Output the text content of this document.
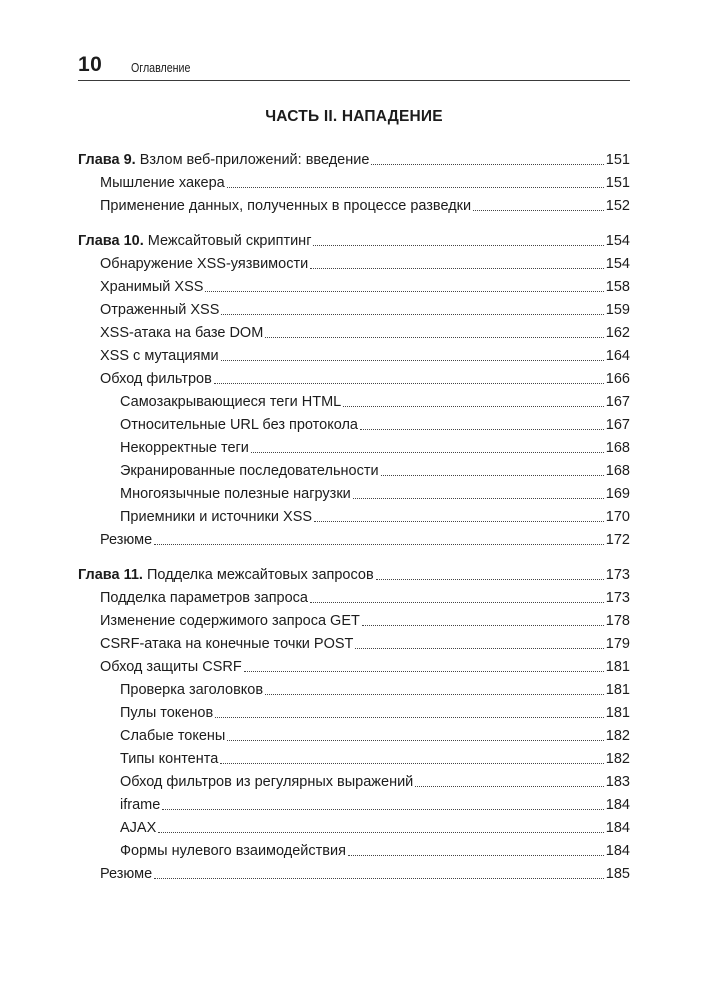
10 Оглавление
ЧАСТЬ II. НАПАДЕНИЕ
Глава 9. Взлом веб-приложений: введение	151
Мышление хакера	151
Применение данных, полученных в процессе разведки	152
Глава 10. Межсайтовый скриптинг	154
Обнаружение XSS-уязвимости	154
Хранимый XSS	158
Отраженный XSS	159
XSS-атака на базе DOM	162
XSS с мутациями	164
Обход фильтров	166
Самозакрывающиеся теги HTML	167
Относительные URL без протокола	167
Некорректные теги	168
Экранированные последовательности	168
Многоязычные полезные нагрузки	169
Приемники и источники XSS	170
Резюме	172
Глава 11. Подделка межсайтовых запросов	173
Подделка параметров запроса	173
Изменение содержимого запроса GET	178
CSRF-атака на конечные точки POST	179
Обход защиты CSRF	181
Проверка заголовков	181
Пулы токенов	181
Слабые токены	182
Типы контента	182
Обход фильтров из регулярных выражений	183
iframe	184
AJAX	184
Формы нулевого взаимодействия	184
Резюме	185
